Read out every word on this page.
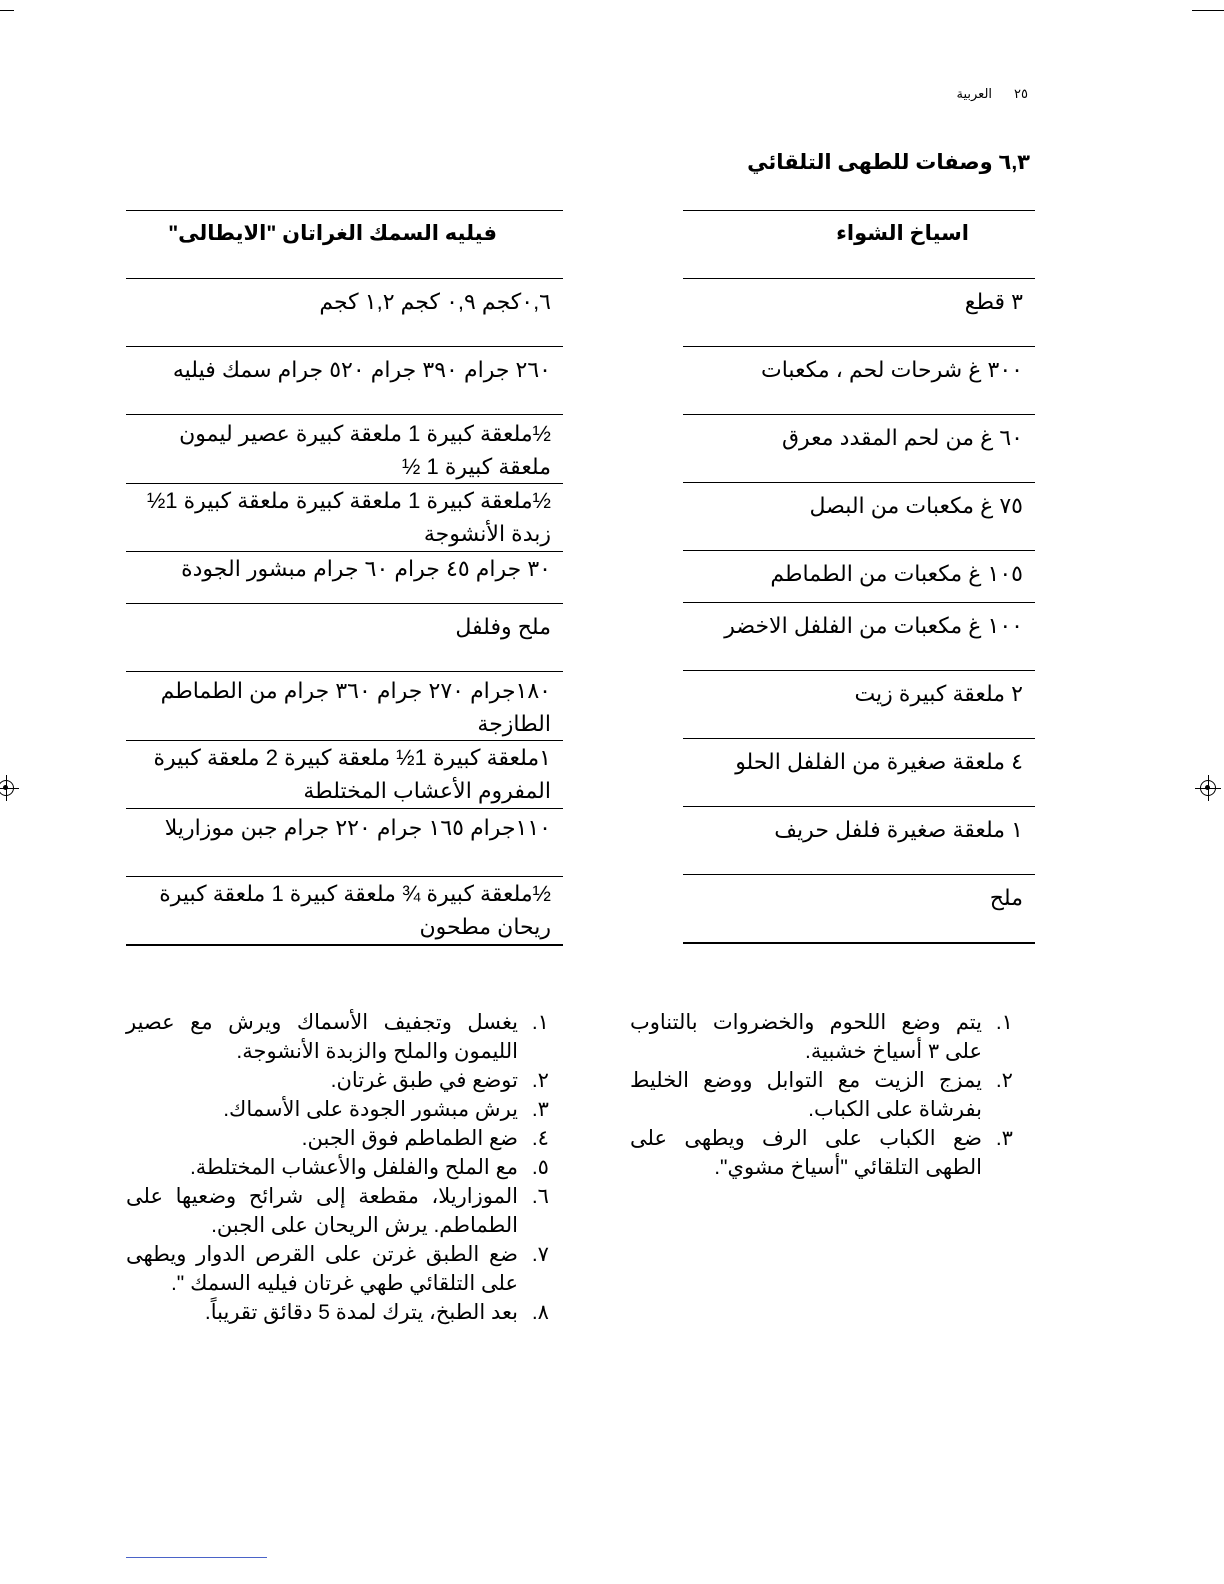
٢٥
العربية
٦,٣ وصفات للطهى التلقائي
اسياخ الشواء
٣ قطع
٣٠٠ غ شرحات لحم ، مكعبات
٦٠ غ من لحم المقدد معرق
٧٥ غ مكعبات من البصل
١٠٥ غ مكعبات من الطماطم
١٠٠ غ مكعبات من الفلفل الاخضر
٢ ملعقة كبيرة زيت
٤ ملعقة صغيرة من الفلفل الحلو
١ ملعقة صغيرة فلفل حريف
ملح
فيليه السمك الغراتان "الايطالى"
٠,٦كجم ٠,٩ كجم ١,٢ كجم
٢٦٠ جرام ٣٩٠ جرام ٥٢٠ جرام سمك فيليه
½ملعقة كبيرة 1 ملعقة كبيرة عصير ليمون ملعقة كبيرة 1 ½
½ملعقة كبيرة 1 ملعقة كبيرة ملعقة كبيرة 1½ زبدة الأنشوجة
٣٠ جرام ٤٥ جرام ٦٠ جرام مبشور الجودة
ملح وفلفل
١٨٠جرام ٢٧٠ جرام ٣٦٠ جرام من الطماطم الطازجة
١ملعقة كبيرة 1½ ملعقة كبيرة 2 ملعقة كبيرة المفروم الأعشاب المختلطة
١١٠جرام ١٦٥ جرام ٢٢٠ جرام جبن موزاريلا
½ملعقة كبيرة ¾ ملعقة كبيرة 1 ملعقة كبيرة ريحان مطحون
1. يتم وضع اللحوم والخضروات بالتناوب على ٣ أسياخ خشبية.
2. يمزج الزيت مع التوابل ووضع الخليط بفرشاة على الكباب.
3. ضع الكباب على الرف ويطهى على الطهى التلقائي "أسياخ مشوي".
1. يغسل وتجفيف الأسماك ويرش مع عصير الليمون والملح والزبدة الأنشوجة.
2. توضع في طبق غرتان.
3. يرش مبشور الجودة على الأسماك.
4. ضع الطماطم فوق الجبن.
5. مع الملح والفلفل والأعشاب المختلطة.
6. الموزاريلا، مقطعة إلى شرائح وضعيها على الطماطم. يرش الريحان على الجبن.
7. ضع الطبق غرتن على القرص الدوار ويطهى على التلقائي طهي غرتان فيليه السمك ".
8. بعد الطبخ، يترك لمدة 5 دقائق تقريباً.
